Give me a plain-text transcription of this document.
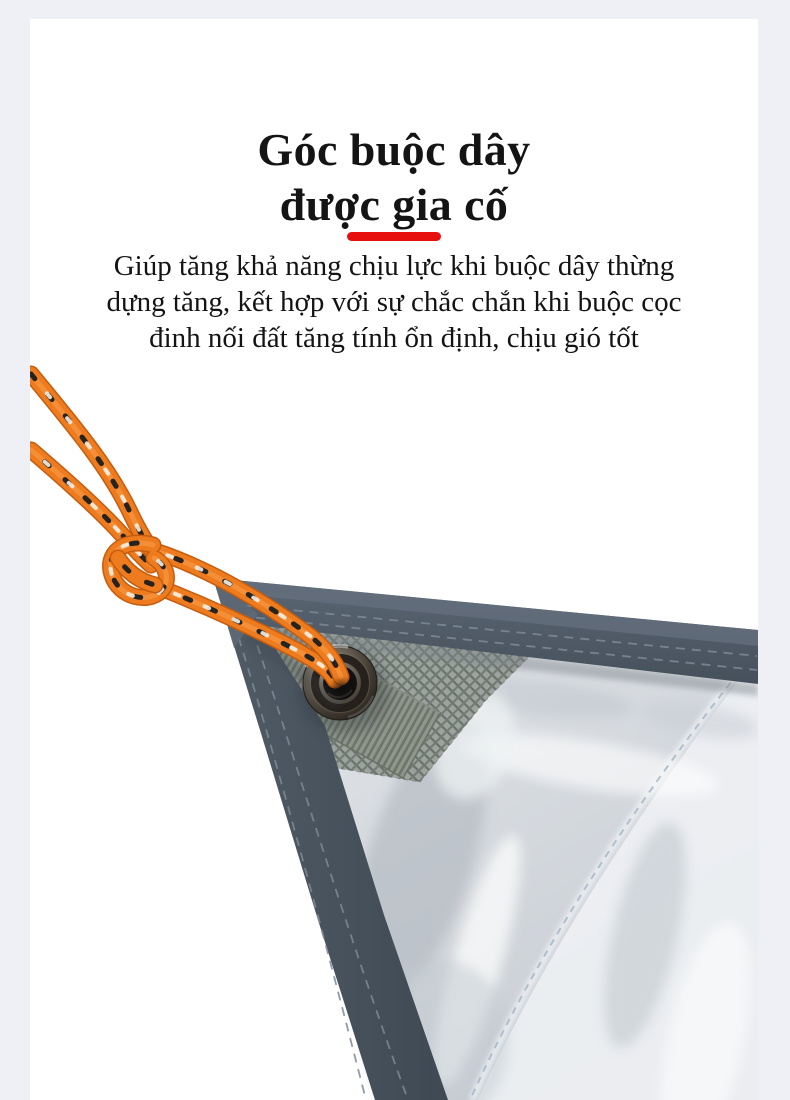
Góc buộc dây
được gia cố
Giúp tăng khả năng chịu lực khi buộc dây thừng
dựng tăng, kết hợp với sự chắc chắn khi buộc cọc
đinh nối đất tăng tính ổn định, chịu gió tốt
